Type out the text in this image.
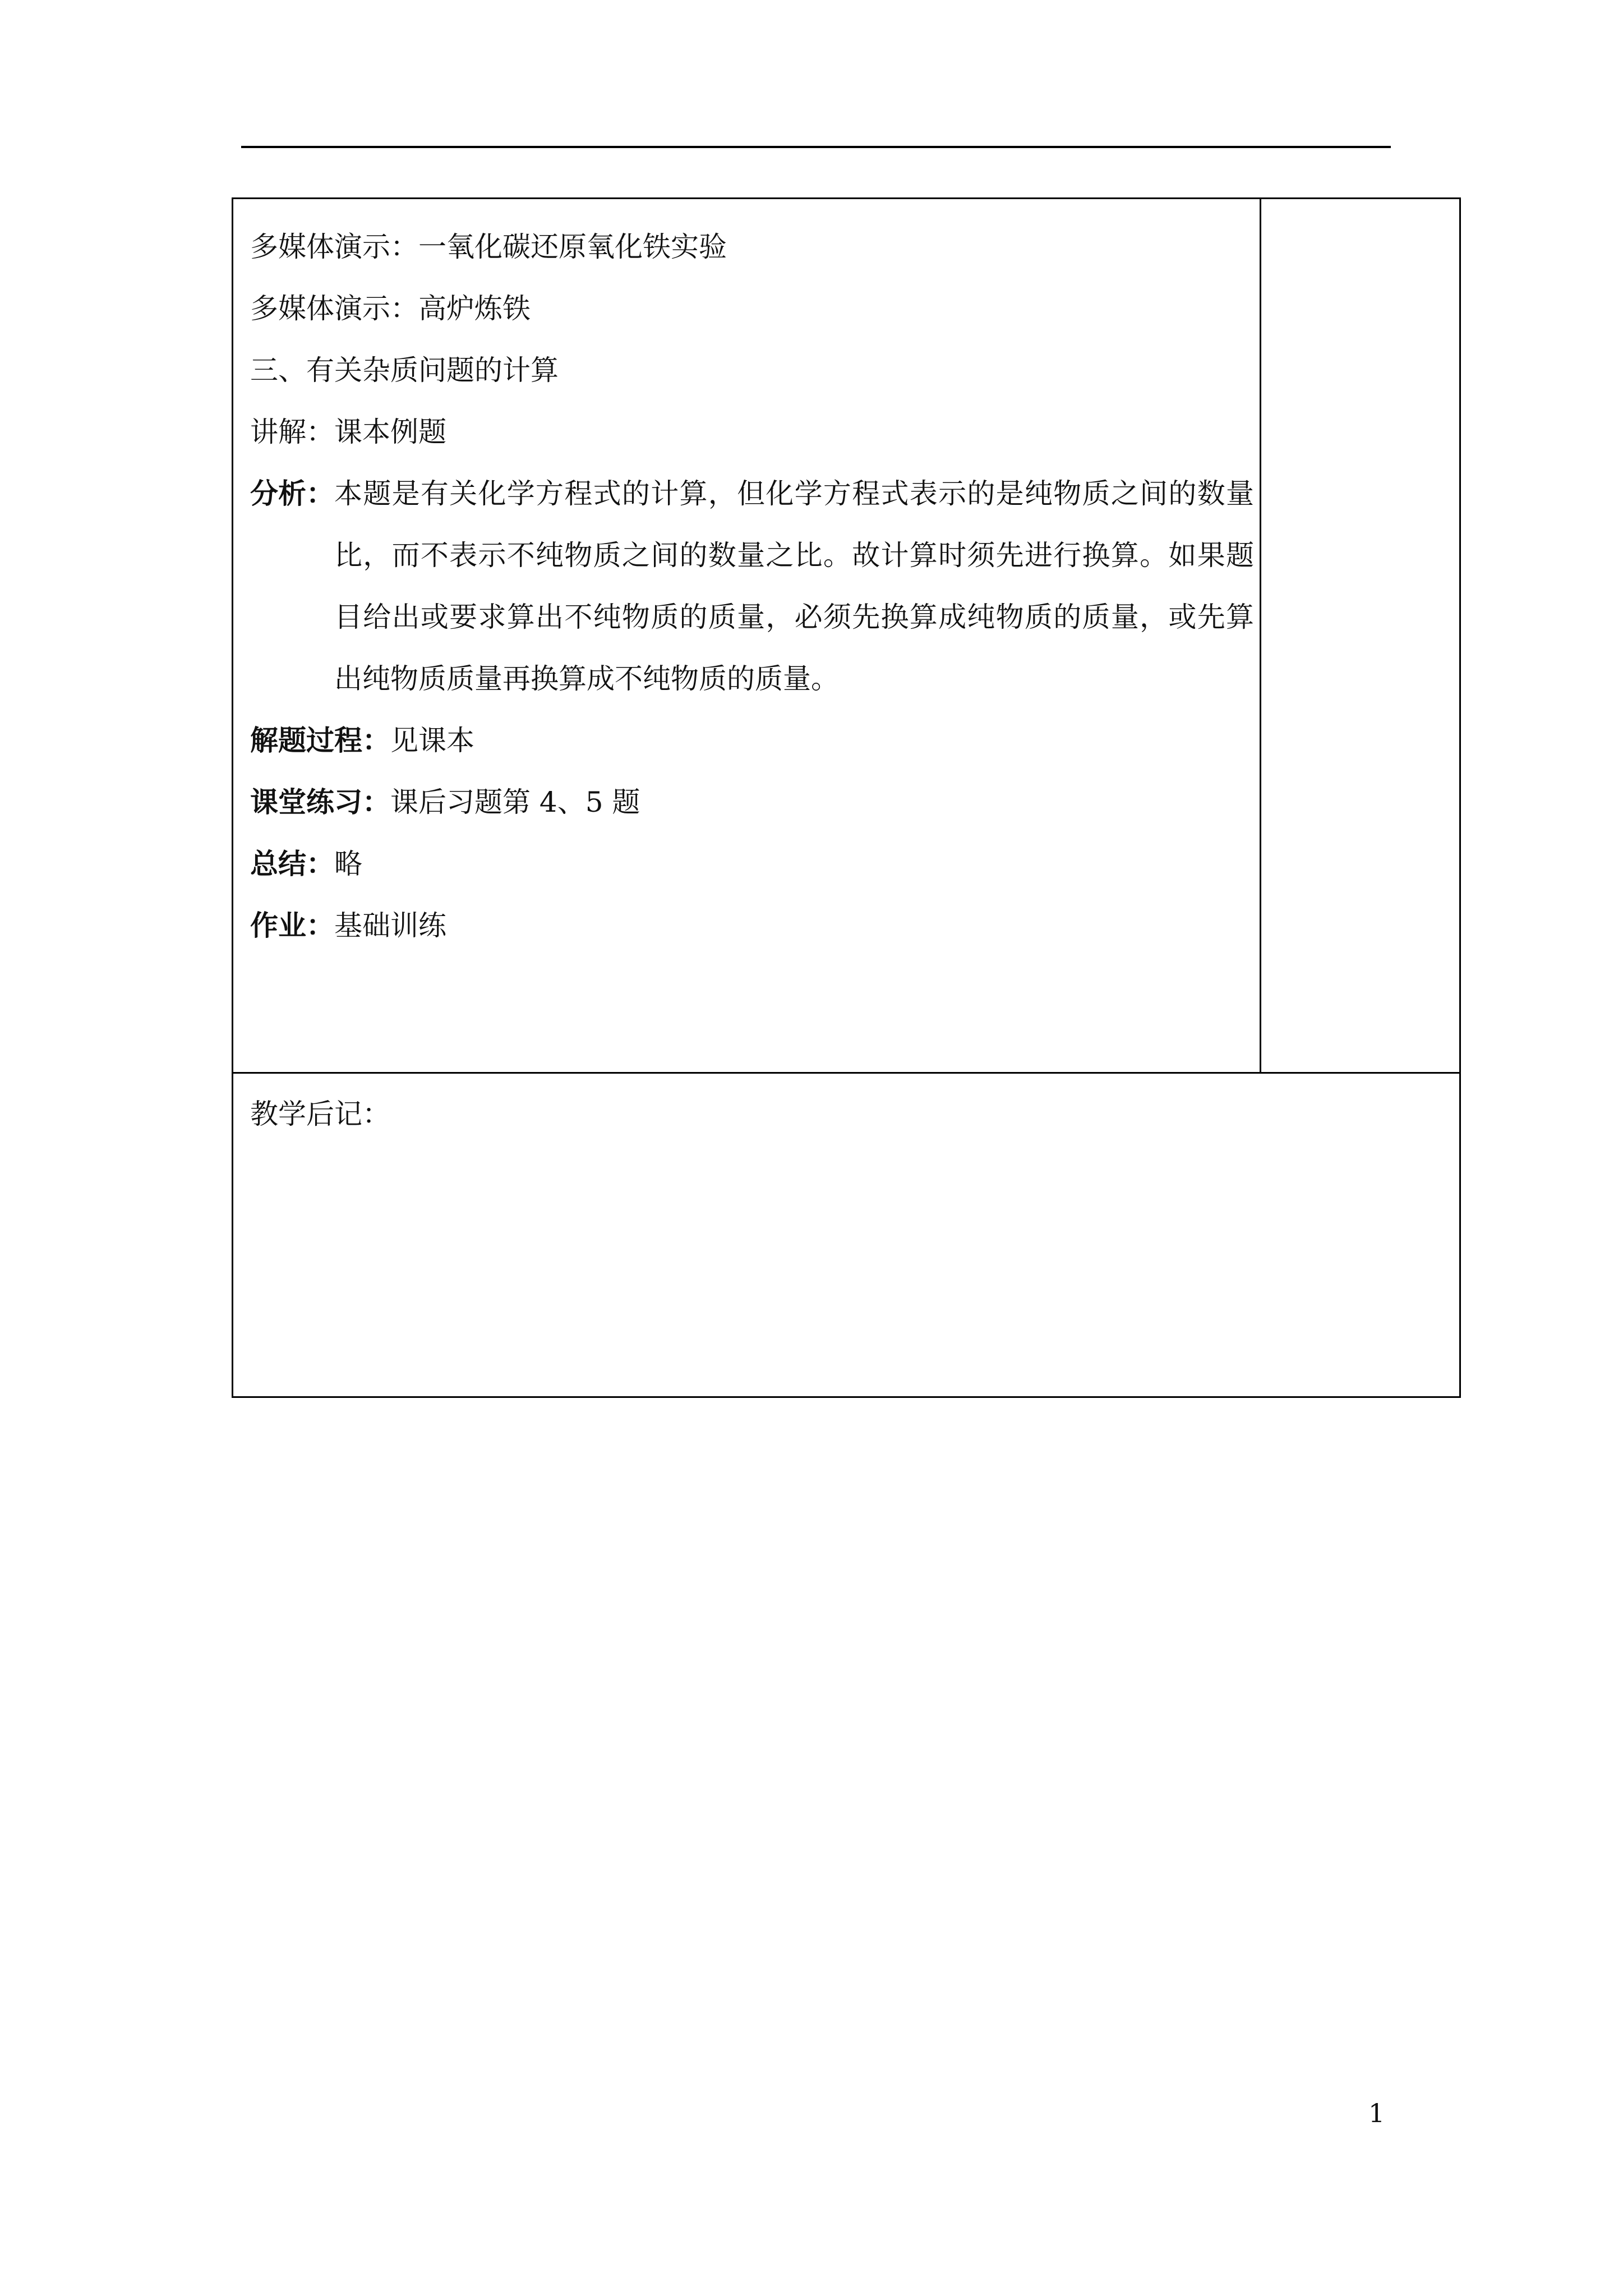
多媒体演示：一氧化碳还原氧化铁实验
多媒体演示：高炉炼铁
三、有关杂质问题的计算
讲解：课本例题
分析： 本题是有关化学方程式的计算，但化学方程式表示的是纯物质之间的数量比，而不表示不纯物质之间的数量之比。故计算时须先进行换算。如果题目给出或要求算出不纯物质的质量，必须先换算成纯物质的质量，或先算出纯物质质量再换算成不纯物质的质量。
解题过程：见课本
课堂练习：课后习题第 4、5 题
总结：略
作业：基础训练
教学后记：
1
